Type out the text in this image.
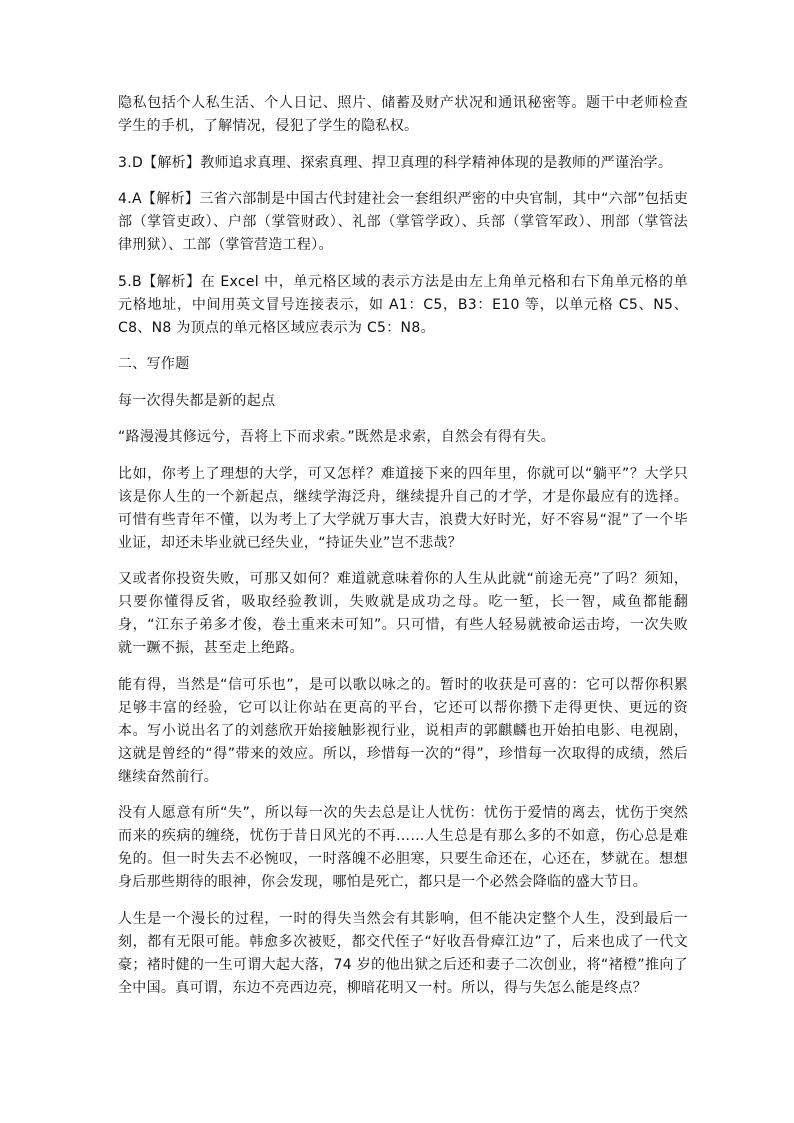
隐私包括个人私生活、个人日记、照片、储蓄及财产状况和通讯秘密等。题干中老师检查学生的手机，了解情况，侵犯了学生的隐私权。

3.D【解析】教师追求真理、探索真理、捍卫真理的科学精神体现的是教师的严谨治学。

4.A【解析】三省六部制是中国古代封建社会一套组织严密的中央官制，其中“六部”包括吏部（掌管吏政）、户部（掌管财政）、礼部（掌管学政）、兵部（掌管军政）、刑部（掌管法律刑狱）、工部（掌管营造工程）。

5.B【解析】在 Excel 中，单元格区域的表示方法是由左上角单元格和右下角单元格的单元格地址，中间用英文冒号连接表示，如 A1：C5，B3：E10 等，以单元格 C5、N5、C8、N8 为顶点的单元格区域应表示为 C5：N8。

二、写作题

每一次得失都是新的起点

“路漫漫其修远兮，吾将上下而求索。”既然是求索，自然会有得有失。

比如，你考上了理想的大学，可又怎样？难道接下来的四年里，你就可以“躺平”？大学只该是你人生的一个新起点，继续学海泛舟，继续提升自己的才学，才是你最应有的选择。可惜有些青年不懂，以为考上了大学就万事大吉，浪费大好时光，好不容易“混”了一个毕业证，却还未毕业就已经失业，“持证失业”岂不悲哉？

又或者你投资失败，可那又如何？难道就意味着你的人生从此就“前途无亮”了吗？须知，只要你懂得反省，吸取经验教训，失败就是成功之母。吃一堑，长一智，咸鱼都能翻身，“江东子弟多才俊，卷土重来未可知”。只可惜，有些人轻易就被命运击垮，一次失败就一蹶不振，甚至走上绝路。

能有得，当然是“信可乐也”，是可以歌以咏之的。暂时的收获是可喜的：它可以帮你积累足够丰富的经验，它可以让你站在更高的平台，它还可以帮你攒下走得更快、更远的资本。写小说出名了的刘慈欣开始接触影视行业，说相声的郭麒麟也开始拍电影、电视剧，这就是曾经的“得”带来的效应。所以，珍惜每一次的“得”，珍惜每一次取得的成绩，然后继续奋然前行。

没有人愿意有所“失”，所以每一次的失去总是让人忧伤：忧伤于爱情的离去，忧伤于突然而来的疾病的缠绕，忧伤于昔日风光的不再……人生总是有那么多的不如意，伤心总是难免的。但一时失去不必惋叹，一时落魄不必胆寒，只要生命还在，心还在，梦就在。想想身后那些期待的眼神，你会发现，哪怕是死亡，都只是一个必然会降临的盛大节日。

人生是一个漫长的过程，一时的得失当然会有其影响，但不能决定整个人生，没到最后一刻，都有无限可能。韩愈多次被贬，都交代侄子“好收吾骨瘴江边”了，后来也成了一代文豪；褚时健的一生可谓大起大落，74 岁的他出狱之后还和妻子二次创业，将“褚橙”推向了全中国。真可谓，东边不亮西边亮，柳暗花明又一村。所以，得与失怎么能是终点？
